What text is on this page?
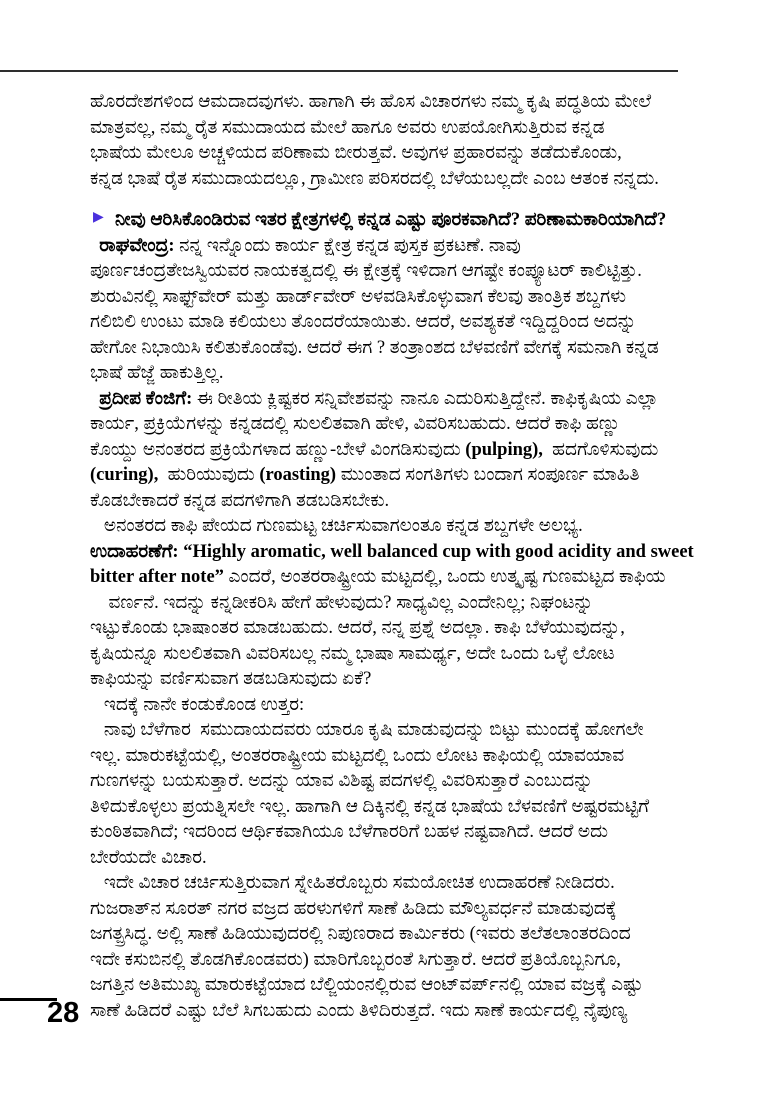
ಹೊರದೇಶಗಳಿಂದ ಆಮದಾದವುಗಳು. ಹಾಗಾಗಿ ಈ ಹೊಸ ವಿಚಾರಗಳು ನಮ್ಮ ಕೃಷಿ ಪದ್ಧತಿಯ ಮೇಲೆ
ಮಾತ್ರವಲ್ಲ, ನಮ್ಮ ರೈತ ಸಮುದಾಯದ ಮೇಲೆ ಹಾಗೂ ಅವರು ಉಪಯೋಗಿಸುತ್ತಿರುವ ಕನ್ನಡ
ಭಾಷೆಯ ಮೇಲೂ ಅಚ್ಚಳಿಯದ ಪರಿಣಾಮ ಬೀರುತ್ತವೆ. ಅವುಗಳ ಪ್ರಹಾರವನ್ನು ತಡೆದುಕೊಂಡು,
ಕನ್ನಡ ಭಾಷೆ ರೈತ ಸಮುದಾಯದಲ್ಲೂ, ಗ್ರಾಮೀಣ ಪರಿಸರದಲ್ಲಿ ಬೆಳೆಯಬಲ್ಲದೇ ಎಂಬ ಆತಂಕ ನನ್ನದು.
▶ ನೀವು ಆರಿಸಿಕೊಂಡಿರುವ ಇತರ ಕ್ಷೇತ್ರಗಳಲ್ಲಿ ಕನ್ನಡ ಎಷ್ಟು ಪೂರಕವಾಗಿದೆ? ಪರಿಣಾಮಕಾರಿಯಾಗಿದೆ?
ರಾಘವೇಂದ್ರ: ನನ್ನ ಇನ್ನೊಂದು ಕಾರ್ಯ ಕ್ಷೇತ್ರ ಕನ್ನಡ ಪುಸ್ತಕ ಪ್ರಕಟಣೆ. ನಾವು
ಪೂರ್ಣಚಂದ್ರತೇಜಸ್ವಿಯವರ ನಾಯಕತ್ವದಲ್ಲಿ ಈ ಕ್ಷೇತ್ರಕ್ಕೆ ಇಳಿದಾಗ ಆಗಷ್ಟೇ ಕಂಪ್ಯೂಟರ್ ಕಾಲಿಟ್ಟಿತ್ತು.
ಶುರುವಿನಲ್ಲಿ ಸಾಫ್ಟ್‌ವೇರ್ ಮತ್ತು ಹಾರ್ಡ್‌ವೇರ್ ಅಳವಡಿಸಿಕೊಳ್ಳುವಾಗ ಕೆಲವು ತಾಂತ್ರಿಕ ಶಬ್ದಗಳು
ಗಲಿಬಿಲಿ ಉಂಟು ಮಾಡಿ ಕಲಿಯಲು ತೊಂದರೆಯಾಯಿತು. ಆದರೆ, ಅವಶ್ಯಕತೆ ಇದ್ದಿದ್ದರಿಂದ ಅದನ್ನು
ಹೇಗೋ ನಿಭಾಯಿಸಿ ಕಲಿತುಕೊಂಡೆವು. ಆದರೆ ಈಗ ? ತಂತ್ರಾಂಶದ ಬೆಳವಣಿಗೆ ವೇಗಕ್ಕೆ ಸಮನಾಗಿ ಕನ್ನಡ
ಭಾಷೆ ಹೆಜ್ಜೆ ಹಾಕುತ್ತಿಲ್ಲ.
ಪ್ರದೀಪ ಕೆಂಜಿಗೆ: ಈ ರೀತಿಯ ಕ್ಲಿಷ್ಟಕರ ಸನ್ನಿವೇಶವನ್ನು ನಾನೂ ಎದುರಿಸುತ್ತಿದ್ದೇನೆ. ಕಾಫಿಕೃಷಿಯ ಎಲ್ಲಾ
ಕಾರ್ಯ, ಪ್ರಕ್ರಿಯೆಗಳನ್ನು ಕನ್ನಡದಲ್ಲಿ ಸುಲಲಿತವಾಗಿ ಹೇಳಿ, ವಿವರಿಸಬಹುದು. ಆದರೆ ಕಾಫಿ ಹಣ್ಣು
ಕೊಯ್ದು ಅನಂತರದ ಪ್ರಕ್ರಿಯೆಗಳಾದ ಹಣ್ಣು-ಬೇಳೆ ವಿಂಗಡಿಸುವುದು (pulping),  ಹದಗೊಳಿಸುವುದು
(curing),  ಹುರಿಯುವುದು (roasting) ಮುಂತಾದ ಸಂಗತಿಗಳು ಬಂದಾಗ ಸಂಪೂರ್ಣ ಮಾಹಿತಿ
ಕೊಡಬೇಕಾದರೆ ಕನ್ನಡ ಪದಗಳಿಗಾಗಿ ತಡಬಡಿಸಬೇಕು.
ಅನಂತರದ ಕಾಫಿ ಪೇಯದ ಗುಣಮಟ್ಟ ಚರ್ಚಿಸುವಾಗಲಂತೂ ಕನ್ನಡ ಶಬ್ದಗಳೇ ಅಲಭ್ಯ.
ಉದಾಹರಣೆಗೆ: “Highly aromatic, well balanced cup with good acidity and sweet
bitter after note” ಎಂದರೆ, ಅಂತರರಾಷ್ಟ್ರೀಯ ಮಟ್ಟದಲ್ಲಿ, ಒಂದು ಉತ್ಕೃಷ್ಟ ಗುಣಮಟ್ಟದ ಕಾಫಿಯ
ವರ್ಣನೆ. ಇದನ್ನು ಕನ್ನಡೀಕರಿಸಿ ಹೇಗೆ ಹೇಳುವುದು? ಸಾಧ್ಯವಿಲ್ಲ ಎಂದೇನಿಲ್ಲ; ನಿಘಂಟನ್ನು
ಇಟ್ಟುಕೊಂಡು ಭಾಷಾಂತರ ಮಾಡಬಹುದು. ಆದರೆ, ನನ್ನ ಪ್ರಶ್ನೆ ಅದಲ್ಲಾ. ಕಾಫಿ ಬೆಳೆಯುವುದನ್ನು,
ಕೃಷಿಯನ್ನೂ ಸುಲಲಿತವಾಗಿ ವಿವರಿಸಬಲ್ಲ ನಮ್ಮ ಭಾಷಾ ಸಾಮರ್ಥ್ಯ, ಅದೇ ಒಂದು ಒಳ್ಳೆ ಲೋಟ
ಕಾಫಿಯನ್ನು ವರ್ಣಿಸುವಾಗ ತಡಬಡಿಸುವುದು ಏಕೆ?
ಇದಕ್ಕೆ ನಾನೇ ಕಂಡುಕೊಂಡ ಉತ್ತರ:
ನಾವು ಬೆಳೆಗಾರ  ಸಮುದಾಯದವರು ಯಾರೂ ಕೃಷಿ ಮಾಡುವುದನ್ನು ಬಿಟ್ಟು ಮುಂದಕ್ಕೆ ಹೋಗಲೇ
ಇಲ್ಲ. ಮಾರುಕಟ್ಟೆಯಲ್ಲಿ, ಅಂತರರಾಷ್ಟ್ರೀಯ ಮಟ್ಟದಲ್ಲಿ ಒಂದು ಲೋಟ ಕಾಫಿಯಲ್ಲಿ ಯಾವಯಾವ
ಗುಣಗಳನ್ನು ಬಯಸುತ್ತಾರೆ. ಅದನ್ನು ಯಾವ ವಿಶಿಷ್ಟ ಪದಗಳಲ್ಲಿ ವಿವರಿಸುತ್ತಾರೆ ಎಂಬುದನ್ನು
ತಿಳಿದುಕೊಳ್ಳಲು ಪ್ರಯತ್ನಿಸಲೇ ಇಲ್ಲ. ಹಾಗಾಗಿ ಆ ದಿಕ್ಕಿನಲ್ಲಿ ಕನ್ನಡ ಭಾಷೆಯ ಬೆಳವಣಿಗೆ ಅಷ್ಟರಮಟ್ಟಿಗೆ
ಕುಂಠಿತವಾಗಿದೆ; ಇದರಿಂದ ಆರ್ಥಿಕವಾಗಿಯೂ ಬೆಳೆಗಾರರಿಗೆ ಬಹಳ ನಷ್ಟವಾಗಿದೆ. ಆದರೆ ಅದು
ಬೇರೆಯದೇ ವಿಚಾರ.
ಇದೇ ವಿಚಾರ ಚರ್ಚಿಸುತ್ತಿರುವಾಗ ಸ್ನೇಹಿತರೊಬ್ಬರು ಸಮಯೋಚಿತ ಉದಾಹರಣೆ ನೀಡಿದರು.
ಗುಜರಾತ್‌ನ ಸೂರತ್ ನಗರ ವಜ್ರದ ಹರಳುಗಳಿಗೆ ಸಾಣೆ ಹಿಡಿದು ಮೌಲ್ಯವರ್ಧನೆ ಮಾಡುವುದಕ್ಕೆ
ಜಗತ್ಪ್ರಸಿದ್ಧ. ಅಲ್ಲಿ ಸಾಣೆ ಹಿಡಿಯುವುದರಲ್ಲಿ ನಿಪುಣರಾದ ಕಾರ್ಮಿಕರು (ಇವರು ತಲೆತಲಾಂತರದಿಂದ
ಇದೇ ಕಸುಬಿನಲ್ಲಿ ತೊಡಗಿಕೊಂಡವರು) ಮಾರಿಗೊಬ್ಬರಂತೆ ಸಿಗುತ್ತಾರೆ. ಆದರೆ ಪ್ರತಿಯೊಬ್ಬನಿಗೂ,
ಜಗತ್ತಿನ ಅತಿಮುಖ್ಯ ಮಾರುಕಟ್ಟೆಯಾದ ಬೆಲ್ಜಿಯಂನಲ್ಲಿರುವ ಆಂಟ್‌ವರ್ಪ್‌ನಲ್ಲಿ ಯಾವ ವಜ್ರಕ್ಕೆ ಎಷ್ಟು
ಸಾಣೆ ಹಿಡಿದರೆ ಎಷ್ಟು ಬೆಲೆ ಸಿಗಬಹುದು ಎಂದು ತಿಳಿದಿರುತ್ತದೆ. ಇದು ಸಾಣೆ ಕಾರ್ಯದಲ್ಲಿ ನೈಪುಣ್ಯ
28
